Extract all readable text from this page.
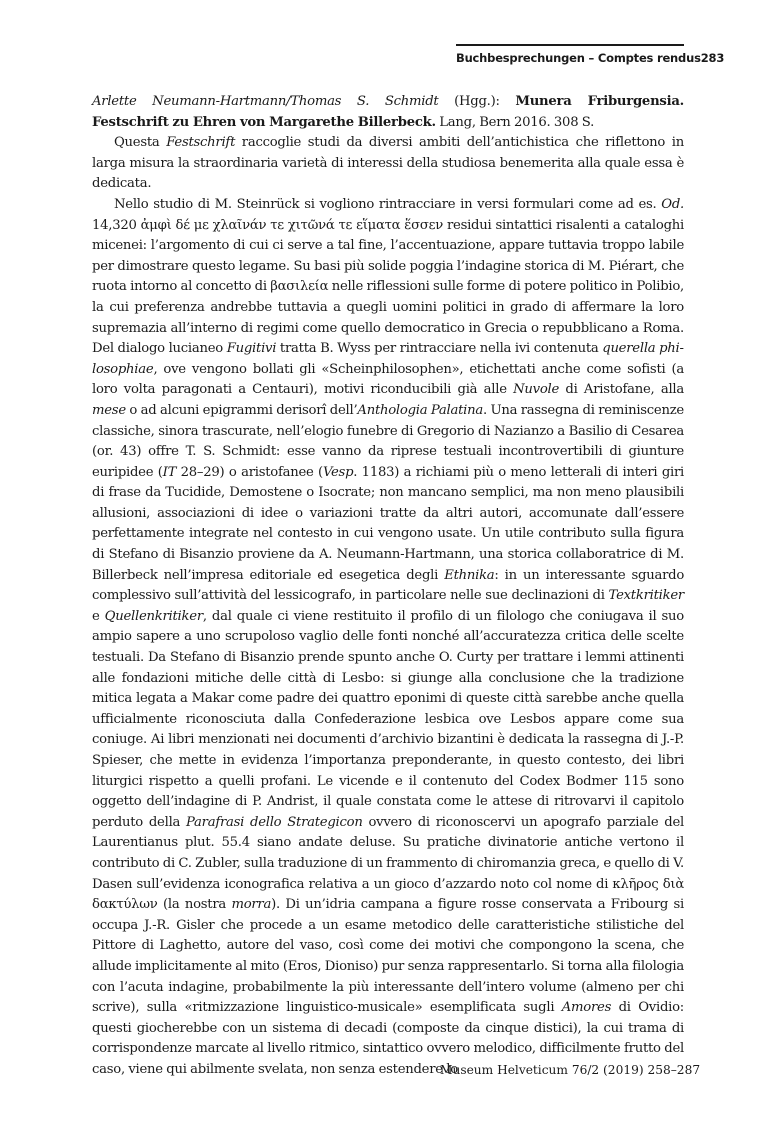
Buchbesprechungen – Comptes rendus 283

Arlette Neumann-Hartmann/Thomas S. Schmidt (Hgg.): Munera Friburgensia. Festschrift zu Ehren von Margarethe Billerbeck. Lang, Bern 2016. 308 S.

Questa Festschrift raccoglie studi da diversi ambiti dell’antichistica che riflettono in larga misura la straordinaria varietà di interessi della studiosa benemerita alla quale essa è dedicata.

Nello studio di M. Steinrück si vogliono rintracciare in versi formulari come ad es. Od. 14,320 ἀμφὶ δέ με χλαῖνάν τε χιτῶνά τε εἵματα ἕσσεν residui sintattici risalenti a cataloghi micenei: l’argomento di cui ci serve a tal fine, l’accentuazione, appare tuttavia troppo labile per dimostrare questo legame. Su basi più solide poggia l’indagine storica di M. Piérart, che ruota intorno al concetto di βασιλεία nelle riflessioni sulle forme di potere politico in Polibio, la cui preferenza andrebbe tuttavia a quegli uomini politici in grado di affermare la loro supremazia all’interno di regimi come quello democratico in Grecia o repubblicano a Roma. Del dialogo lucianeo Fugitivi tratta B. Wyss per rintracciare nella ivi contenuta querella philosophiae, ove vengono bollati gli «Scheinphilosophen», etichettati anche come sofisti (a loro volta paragonati a Centauri), motivi riconducibili già alle Nuvole di Aristofane, alla mese o ad alcuni epigrammi derisorî dell’Anthologia Palatina. Una rassegna di reminiscenze classiche, sinora trascurate, nell’elogio funebre di Gregorio di Nazianzo a Basilio di Cesarea (or. 43) offre T. S. Schmidt: esse vanno da riprese testuali incontrovertibili di giunture euripidee (IT 28–29) o aristofanee (Vesp. 1183) a richiami più o meno letterali di interi giri di frase da Tucidide, Demostene o Isocrate; non mancano semplici, ma non meno plausibili allusioni, associazioni di idee o variazioni tratte da altri autori, accomunate dall’essere perfettamente integrate nel contesto in cui vengono usate. Un utile contributo sulla figura di Stefano di Bisanzio proviene da A. Neumann-Hartmann, una storica collaboratrice di M. Billerbeck nell’impresa editoriale ed esegetica degli Ethnika: in un interessante sguardo complessivo sull’attività del lessicografo, in particolare nelle sue declinazioni di Textkritiker e Quellenkritiker, dal quale ci viene restituito il profilo di un filologo che coniugava il suo ampio sapere a uno scrupoloso vaglio delle fonti nonché all’accuratezza critica delle scelte testuali. Da Stefano di Bisanzio prende spunto anche O. Curty per trattare i lemmi attinenti alle fondazioni mitiche delle città di Lesbo: si giunge alla conclusione che la tradizione mitica legata a Makar come padre dei quattro eponimi di queste città sarebbe anche quella ufficialmente riconosciuta dalla Confederazione lesbica ove Lesbos appare come sua coniuge. Ai libri menzionati nei documenti d’archivio bizantini è dedicata la rassegna di J.-P. Spieser, che mette in evidenza l’importanza preponderante, in questo contesto, dei libri liturgici rispetto a quelli profani. Le vicende e il contenuto del Codex Bodmer 115 sono oggetto dell’indagine di P. Andrist, il quale constata come le attese di ritrovarvi il capitolo perduto della Parafrasi dello Strategicon ovvero di riconoscervi un apografo parziale del Laurentianus plut. 55.4 siano andate deluse. Su pratiche divinatorie antiche vertono il contributo di C. Zubler, sulla traduzione di un frammento di chiromanzia greca, e quello di V. Dasen sull’evidenza iconografica relativa a un gioco d’azzardo noto col nome di κλῆρος διὰ δακτύλων (la nostra morra). Di un’idria campana a figure rosse conservata a Fribourg si occupa J.-R. Gisler che procede a un esame metodico delle caratteristiche stilistiche del Pittore di Laghetto, autore del vaso, così come dei motivi che compongono la scena, che allude implicitamente al mito (Eros, Dioniso) pur senza rappresentarlo. Si torna alla filologia con l’acuta indagine, probabilmente la più interessante dell’intero volume (almeno per chi scrive), sulla «ritmizzazione linguistico-musicale» esemplificata sugli Amores di Ovidio: questi giocherebbe con un sistema di decadi (composte da cinque distici), la cui trama di corrispondenze marcate al livello ritmico, sintattico ovvero melodico, difficilmente frutto del caso, viene qui abilmente svelata, non senza estendere lo

Museum Helveticum 76/2 (2019) 258–287
